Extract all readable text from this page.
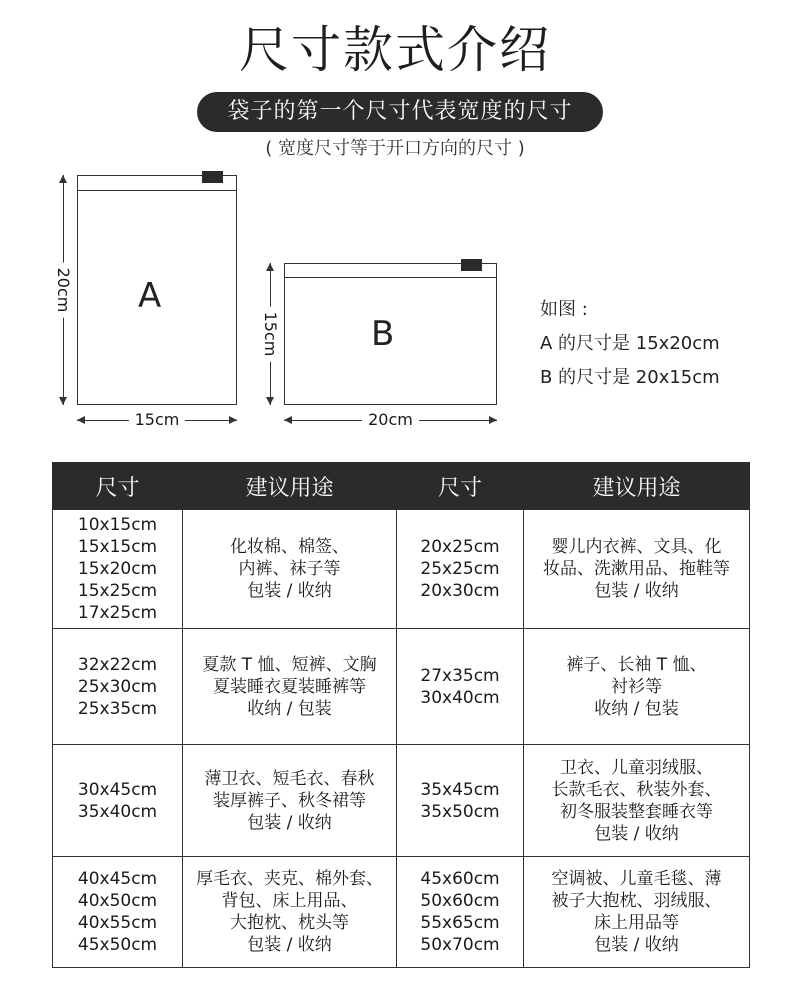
尺寸款式介绍
袋子的第一个尺寸代表宽度的尺寸
( 宽度尺寸等于开口方向的尺寸 )
A
20cm
15cm
B
15cm
20cm
如图 :
A 的尺寸是 15x20cm
B 的尺寸是 20x15cm
尺寸	建议用途	尺寸	建议用途

10x15cm
15x15cm
15x20cm
15x25cm
17x25cm	化妆棉、棉签、
内裤、袜子等
包装 / 收纳	20x25cm
25x25cm
20x30cm	婴儿内衣裤、文具、化
妆品、洗漱用品、拖鞋等
包装 / 收纳

32x22cm
25x30cm
25x35cm	夏款 T 恤、短裤、文胸
夏装睡衣夏装睡裤等
收纳 / 包装	27x35cm
30x40cm	裤子、长袖 T 恤、
衬衫等
收纳 / 包装

30x45cm
35x40cm	薄卫衣、短毛衣、春秋
装厚裤子、秋冬裙等
包装 / 收纳	35x45cm
35x50cm	卫衣、儿童羽绒服、
长款毛衣、秋装外套、
初冬服装整套睡衣等
包装 / 收纳

40x45cm
40x50cm
40x55cm
45x50cm	厚毛衣、夹克、棉外套、
背包、床上用品、
大抱枕、枕头等
包装 / 收纳	45x60cm
50x60cm
55x65cm
50x70cm	空调被、儿童毛毯、薄
被子大抱枕、羽绒服、
床上用品等
包装 / 收纳
